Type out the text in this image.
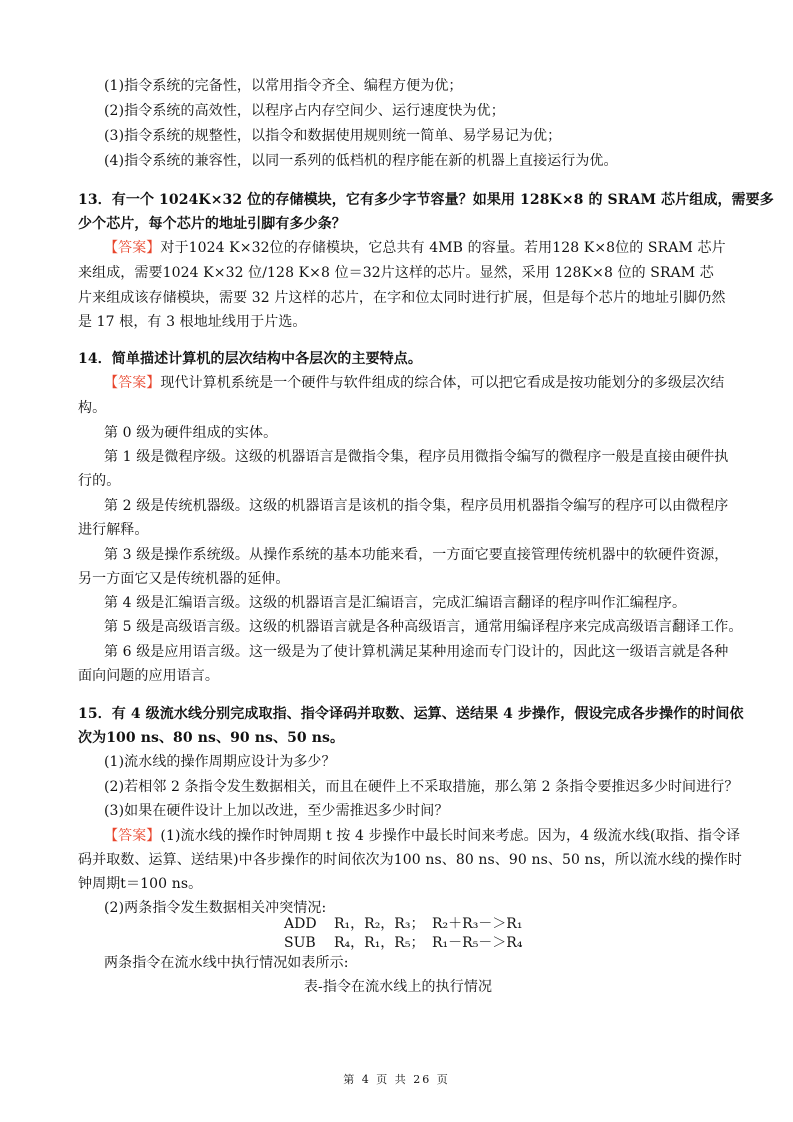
(1)指令系统的完备性，以常用指令齐全、编程方便为优；
(2)指令系统的高效性，以程序占内存空间少、运行速度快为优；
(3)指令系统的规整性，以指令和数据使用规则统一简单、易学易记为优；
(4)指令系统的兼容性，以同一系列的低档机的程序能在新的机器上直接运行为优。
13．有一个 1024K×32 位的存储模块，它有多少字节容量？如果用 128K×8 的 SRAM 芯片组成，需要多
少个芯片，每个芯片的地址引脚有多少条？
【答案】对于1024 K×32位的存储模块，它总共有 4MB 的容量。若用128 K×8位的 SRAM 芯片
来组成，需要1024 K×32 位/128 K×8 位＝32片这样的芯片。显然，采用 128K×8 位的 SRAM 芯
片来组成该存储模块，需要 32 片这样的芯片，在字和位太同时进行扩展，但是每个芯片的地址引脚仍然
是 17 根，有 3 根地址线用于片选。
14．简单描述计算机的层次结构中各层次的主要特点。
【答案】现代计算机系统是一个硬件与软件组成的综合体，可以把它看成是按功能划分的多级层次结
构。
第 0 级为硬件组成的实体。
第 1 级是微程序级。这级的机器语言是微指令集，程序员用微指令编写的微程序一般是直接由硬件执
行的。
第 2 级是传统机器级。这级的机器语言是该机的指令集，程序员用机器指令编写的程序可以由微程序
进行解释。
第 3 级是操作系统级。从操作系统的基本功能来看，一方面它要直接管理传统机器中的软硬件资源，
另一方面它又是传统机器的延伸。
第 4 级是汇编语言级。这级的机器语言是汇编语言，完成汇编语言翻译的程序叫作汇编程序。
第 5 级是高级语言级。这级的机器语言就是各种高级语言，通常用编译程序来完成高级语言翻译工作。
第 6 级是应用语言级。这一级是为了使计算机满足某种用途而专门设计的，因此这一级语言就是各种
面向问题的应用语言。
15．有 4 级流水线分别完成取指、指令译码并取数、运算、送结果 4 步操作，假设完成各步操作的时间依
次为100 ns、80 ns、90 ns、50 ns。
(1)流水线的操作周期应设计为多少？
(2)若相邻 2 条指令发生数据相关，而且在硬件上不采取措施，那么第 2 条指令要推迟多少时间进行？
(3)如果在硬件设计上加以改进，至少需推迟多少时间？
【答案】(1)流水线的操作时钟周期 t 按 4 步操作中最长时间来考虑。因为，4 级流水线(取指、指令译
码并取数、运算、送结果)中各步操作的时间依次为100 ns、80 ns、90 ns、50 ns，所以流水线的操作时
钟周期t＝100 ns。
(2)两条指令发生数据相关冲突情况:
ADD R₁，R₂，R₃； R₂＋R₃－＞R₁
SUB R₄，R₁，R₅； R₁－R₅－＞R₄
两条指令在流水线中执行情况如表所示:
表-指令在流水线上的执行情况
第 4 页 共 26 页
